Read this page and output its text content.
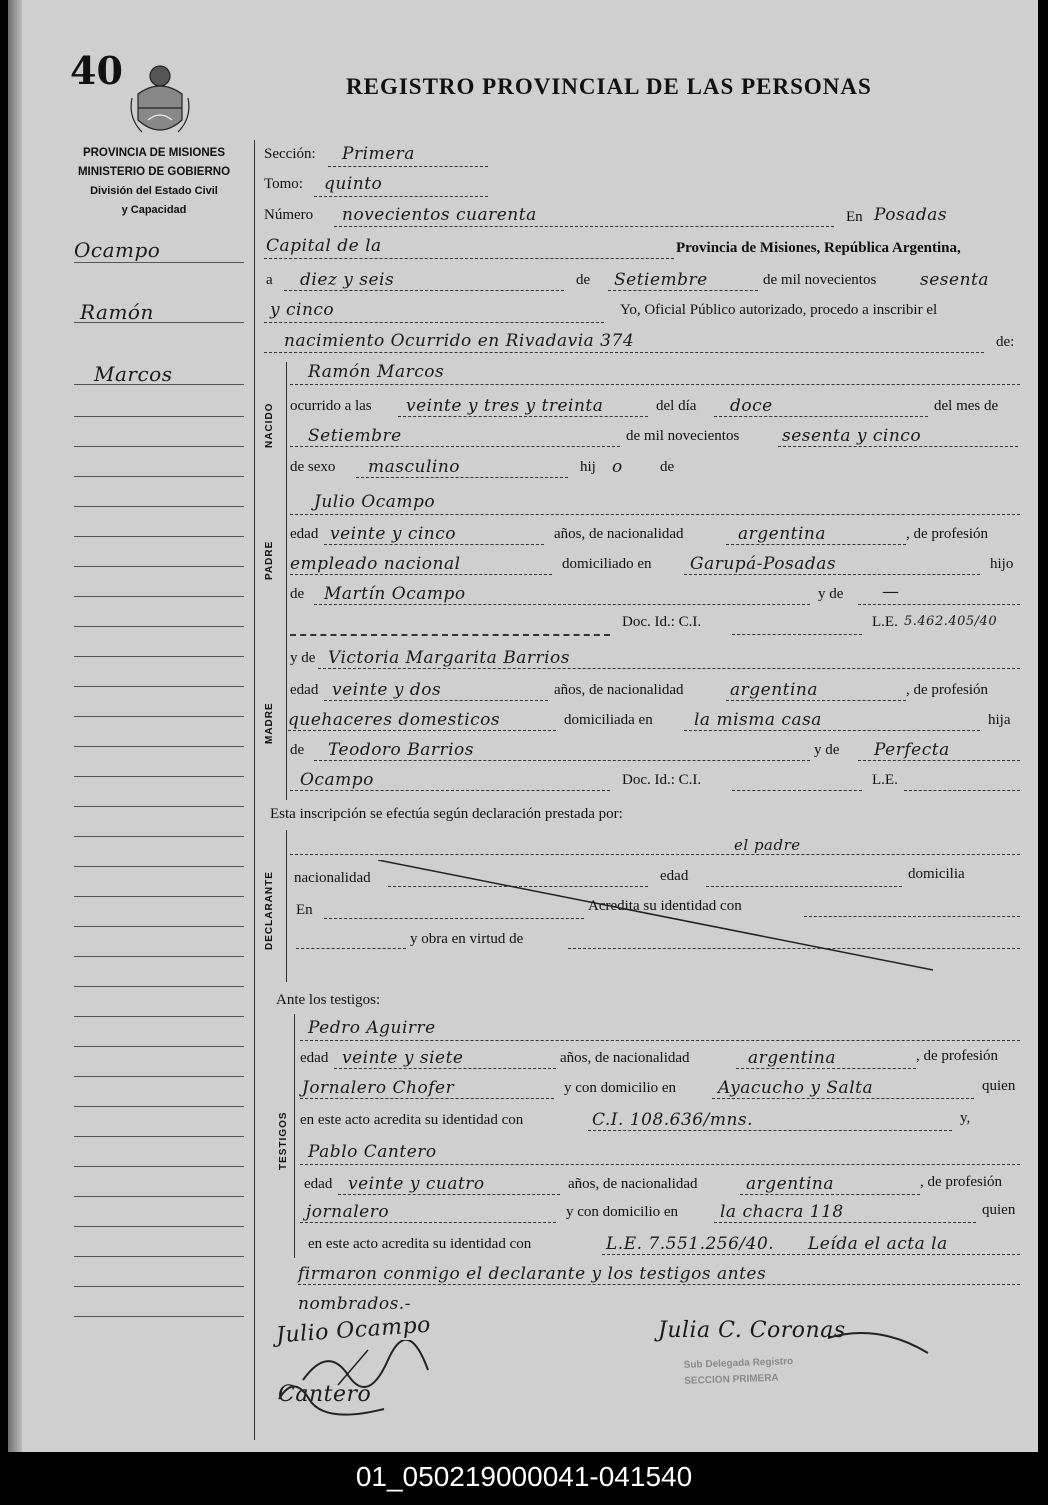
40	REGISTRO PROVINCIAL DE LAS PERSONAS
PROVINCIA DE MISIONES
MINISTERIO DE GOBIERNO
División del Estado Civil
y Capacidad
Ocampo
Ramón
Marcos
Sección: Primera
Tomo: quinto
Número novecientos cuarenta	En Posadas
Capital de la	Provincia de Misiones, República Argentina,
a diez y seis	de Setiembre	de mil novecientos	sesenta
y cinco	Yo, Oficial Público autorizado, procedo a inscribir el
nacimiento Ocurrido en Rivadavia 374	de:
NACIDO
Ramón Marcos
ocurrido a las veinte y tres y treinta	del día doce	del mes de
Setiembre	de mil novecientos	sesenta y cinco
de sexo masculino	hij o de
PADRE
Julio Ocampo
edad veinte y cinco	años, de nacionalidad	argentina	, de profesión
empleado nacional	domiciliado en Garupá-Posadas	hijo
de Martín Ocampo	y de —
Doc. Id.: C.I.	L.E. 5.462.405/40
MADRE
y de Victoria Margarita Barrios
edad veinte y dos	años, de nacionalidad	argentina	, de profesión
quehaceres domesticos	domiciliada en la misma casa	hija
de Teodoro Barrios	y de Perfecta
Ocampo	Doc. Id.: C.I.	L.E.
Esta inscripción se efectúa según declaración prestada por:
DECLARANTE
el padre
nacionalidad	edad	domicilia
En	Acredita su identidad con
y obra en virtud de
Ante los testigos:
TESTIGOS
Pedro Aguirre
edad veinte y siete	años, de nacionalidad	argentina	, de profesión
Jornalero Chofer	y con domicilio en Ayacucho y Salta	quien
en este acto acredita su identidad con	C.I. 108.636/mns.	y,
Pablo Cantero
edad veinte y cuatro	años, de nacionalidad	argentina	, de profesión
jornalero	y con domicilio en la chacra 118	quien
en este acto acredita su identidad con	L.E. 7.551.256/40. Leída el acta la
firmaron conmigo el declarante y los testigos antes
nombrados.-
Julio Ocampo
Cantero
Julia C. Coronas
Sub Delegada Registro
SECCION PRIMERA
01_050219000041-041540
